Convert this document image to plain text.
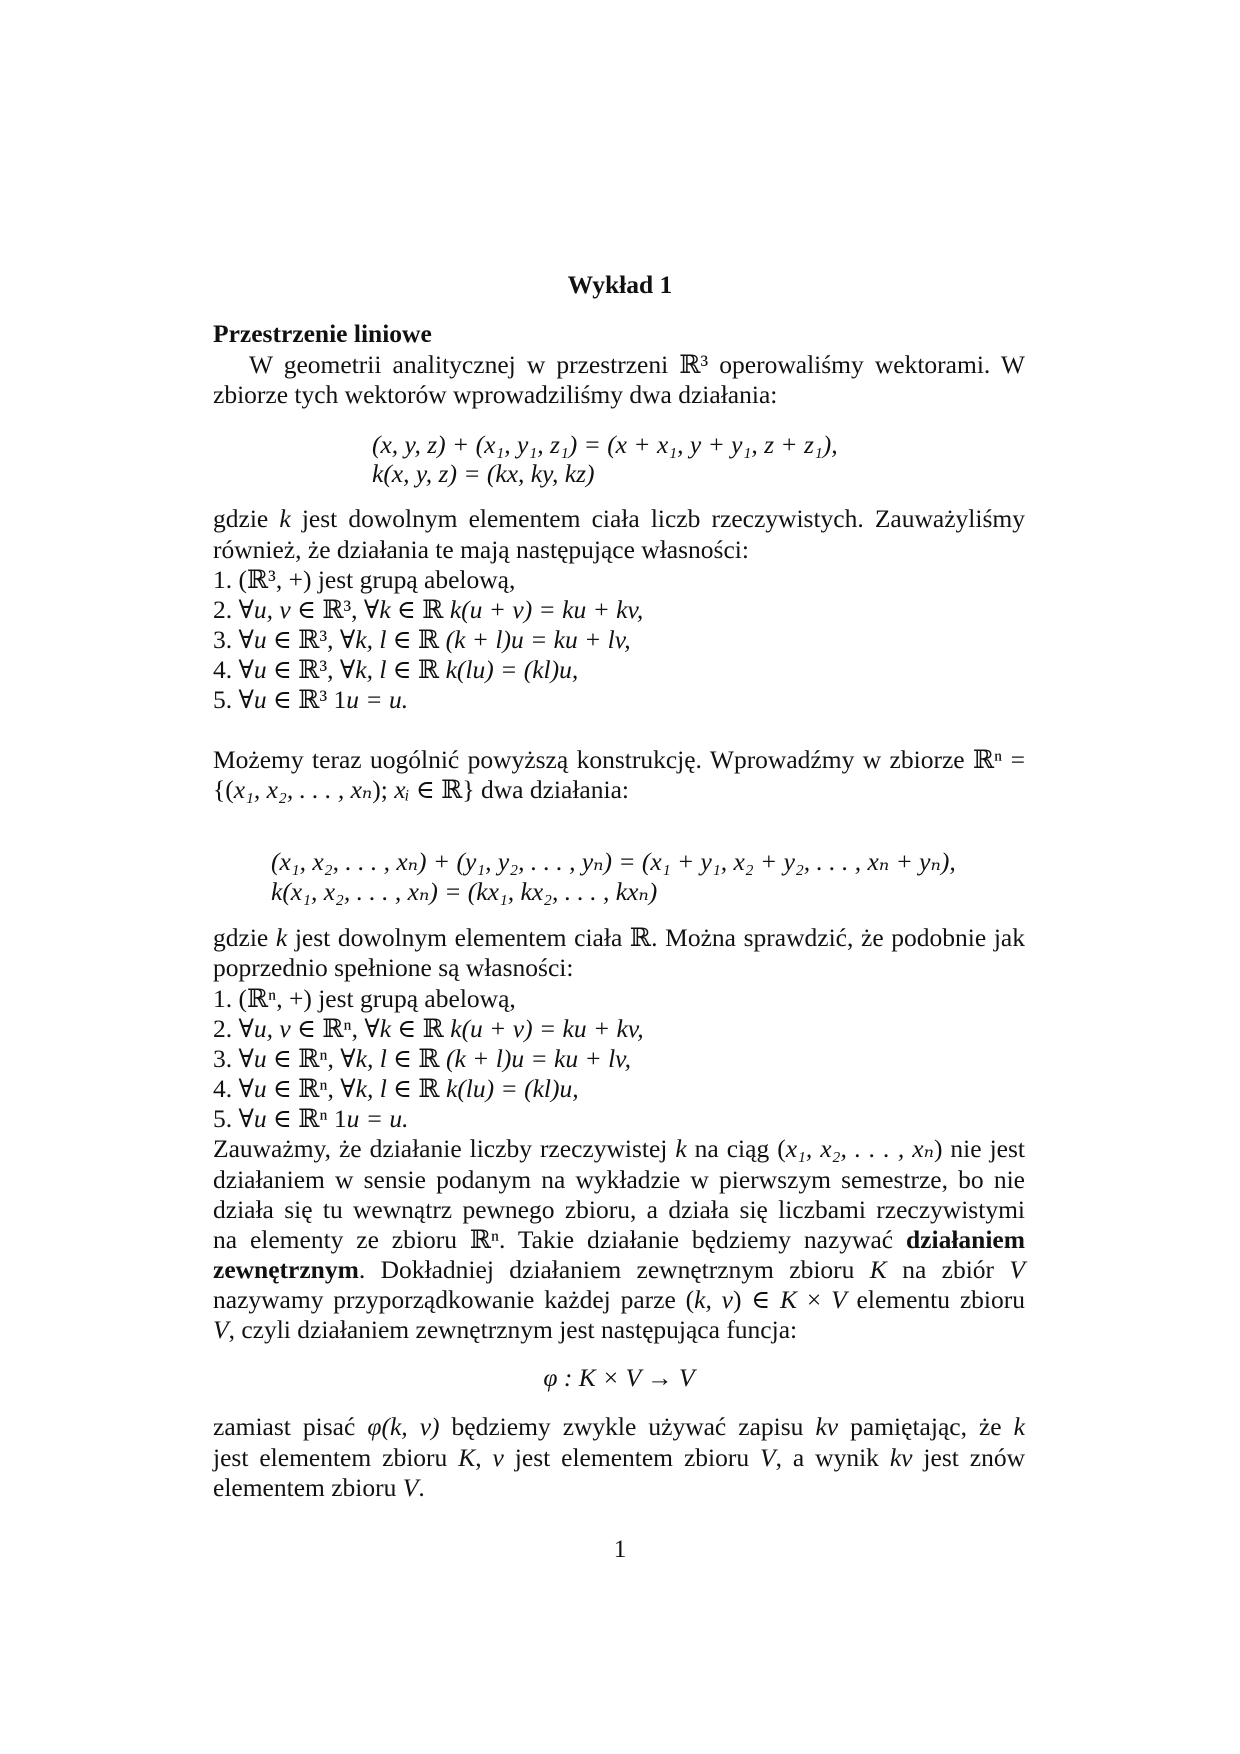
Wykład 1
Przestrzenie liniowe
W geometrii analitycznej w przestrzeni ℝ³ operowaliśmy wektorami. W
zbiorze tych wektorów wprowadziliśmy dwa działania:
(x, y, z) + (x₁, y₁, z₁) = (x + x₁, y + y₁, z + z₁),
k(x, y, z) = (kx, ky, kz)
gdzie k jest dowolnym elementem ciała liczb rzeczywistych. Zauważyliśmy
również, że działania te mają następujące własności:
1. (ℝ³, +) jest grupą abelową,
2. ∀u, v ∈ ℝ³, ∀k ∈ ℝ k(u + v) = ku + kv,
3. ∀u ∈ ℝ³, ∀k, l ∈ ℝ (k + l)u = ku + lv,
4. ∀u ∈ ℝ³, ∀k, l ∈ ℝ k(lu) = (kl)u,
5. ∀u ∈ ℝ³ 1u = u.
Możemy teraz uogólnić powyższą konstrukcję. Wprowadźmy w zbiorze ℝⁿ =
{(x₁, x₂, . . . , xₙ); xᵢ ∈ ℝ} dwa działania:
(x₁, x₂, . . . , xₙ) + (y₁, y₂, . . . , yₙ) = (x₁ + y₁, x₂ + y₂, . . . , xₙ + yₙ),
k(x₁, x₂, . . . , xₙ) = (kx₁, kx₂, . . . , kxₙ)
gdzie k jest dowolnym elementem ciała ℝ. Można sprawdzić, że podobnie jak
poprzednio spełnione są własności:
1. (ℝⁿ, +) jest grupą abelową,
2. ∀u, v ∈ ℝⁿ, ∀k ∈ ℝ k(u + v) = ku + kv,
3. ∀u ∈ ℝⁿ, ∀k, l ∈ ℝ (k + l)u = ku + lv,
4. ∀u ∈ ℝⁿ, ∀k, l ∈ ℝ k(lu) = (kl)u,
5. ∀u ∈ ℝⁿ 1u = u.
Zauważmy, że działanie liczby rzeczywistej k na ciąg (x₁, x₂, . . . , xₙ) nie jest
działaniem w sensie podanym na wykładzie w pierwszym semestrze, bo nie
działa się tu wewnątrz pewnego zbioru, a działa się liczbami rzeczywistymi
na elementy ze zbioru ℝⁿ. Takie działanie będziemy nazywać działaniem
zewnętrznym. Dokładniej działaniem zewnętrznym zbioru K na zbiór V
nazywamy przyporządkowanie każdej parze (k, v) ∈ K × V elementu zbioru
V, czyli działaniem zewnętrznym jest następująca funcja:
φ : K × V → V
zamiast pisać φ(k, v) będziemy zwykle używać zapisu kv pamiętając, że k
jest elementem zbioru K, v jest elementem zbioru V, a wynik kv jest znów
elementem zbioru V.
1
